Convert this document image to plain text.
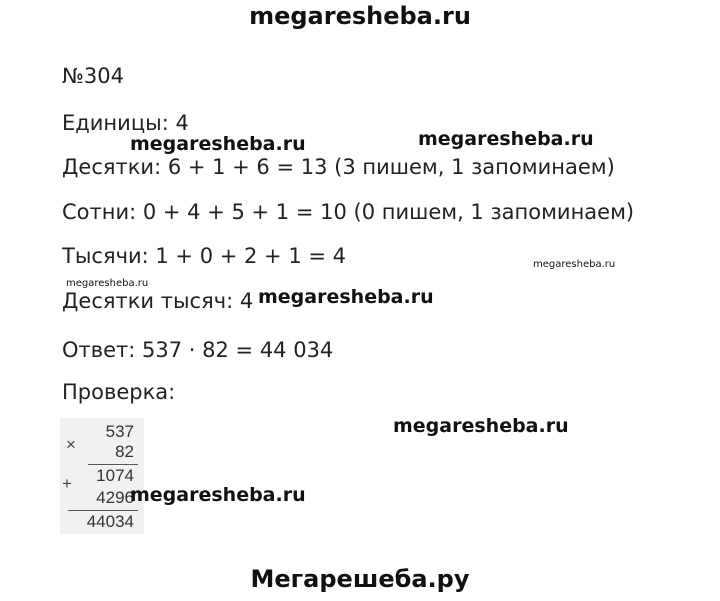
megaresheba.ru
№304
Единицы: 4
Десятки: 6 + 1 + 6 = 13 (3 пишем, 1 запоминаем)
Сотни: 0 + 4 + 5 + 1 = 10 (0 пишем, 1 запоминаем)
Тысячи: 1 + 0 + 2 + 1 = 4
Десятки тысяч: 4
Ответ: 537 · 82 = 44 034
Проверка:
×
537
82
+ 1074
4296
44034
megaresheba.ru	megaresheba.ru
megaresheba.ru
megaresheba.ru
megaresheba.ru
megaresheba.ru
megaresheba.ru
Мегарешеба.ру
